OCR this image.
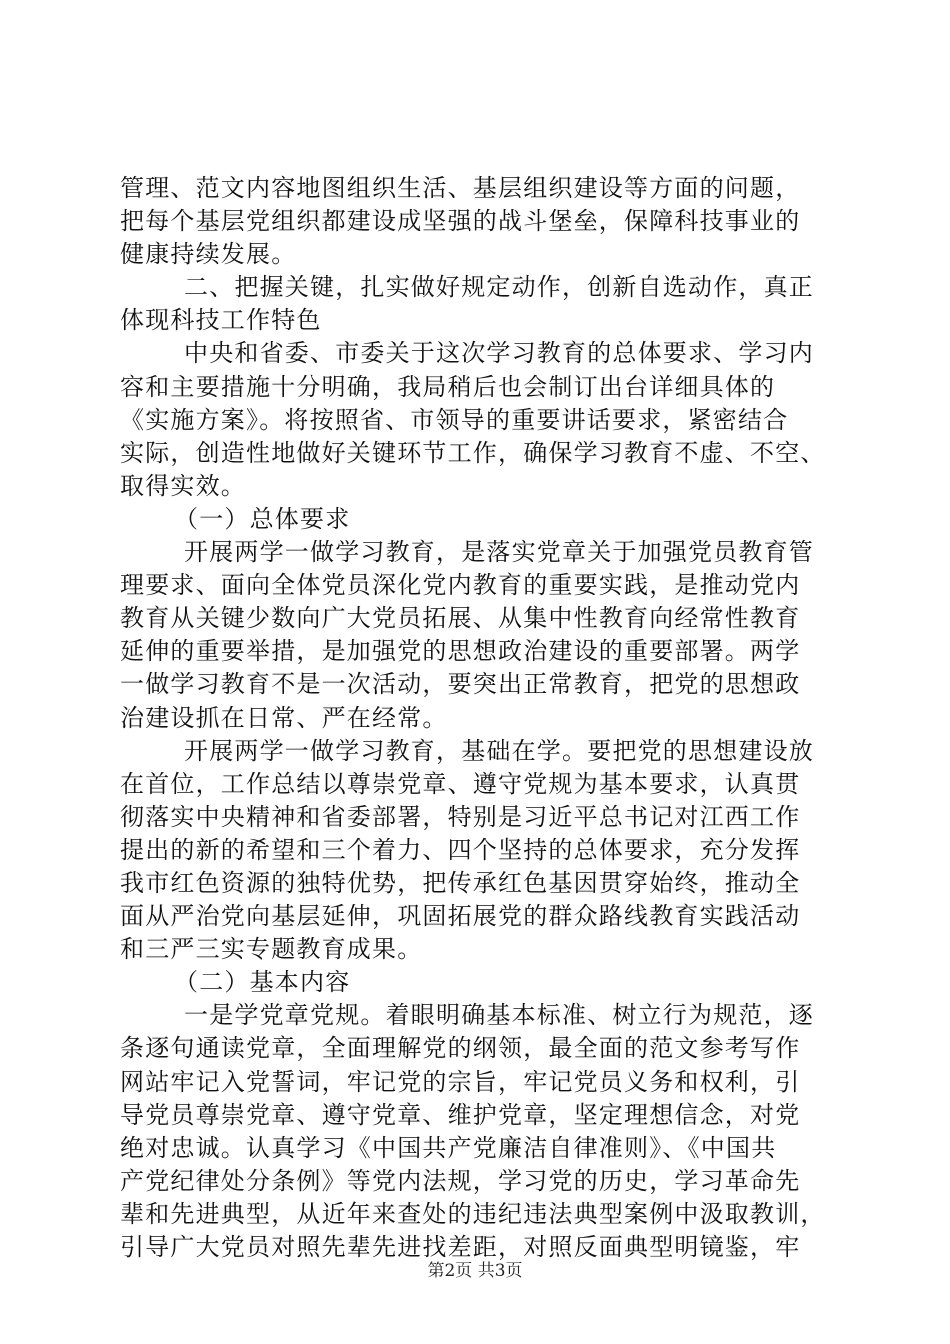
管理、范文内容地图组织生活、基层组织建设等方面的问题，
把每个基层党组织都建设成坚强的战斗堡垒，保障科技事业的
健康持续发展。
二、把握关键，扎实做好规定动作，创新自选动作，真正
体现科技工作特色
中央和省委、市委关于这次学习教育的总体要求、学习内
容和主要措施十分明确，我局稍后也会制订出台详细具体的
《实施方案》。将按照省、市领导的重要讲话要求，紧密结合
实际，创造性地做好关键环节工作，确保学习教育不虚、不空、
取得实效。
（一）总体要求
开展两学一做学习教育，是落实党章关于加强党员教育管
理要求、面向全体党员深化党内教育的重要实践，是推动党内
教育从关键少数向广大党员拓展、从集中性教育向经常性教育
延伸的重要举措，是加强党的思想政治建设的重要部署。两学
一做学习教育不是一次活动，要突出正常教育，把党的思想政
治建设抓在日常、严在经常。
开展两学一做学习教育，基础在学。要把党的思想建设放
在首位，工作总结以尊崇党章、遵守党规为基本要求，认真贯
彻落实中央精神和省委部署，特别是习近平总书记对江西工作
提出的新的希望和三个着力、四个坚持的总体要求，充分发挥
我市红色资源的独特优势，把传承红色基因贯穿始终，推动全
面从严治党向基层延伸，巩固拓展党的群众路线教育实践活动
和三严三实专题教育成果。
（二）基本内容
一是学党章党规。着眼明确基本标准、树立行为规范，逐
条逐句通读党章，全面理解党的纲领，最全面的范文参考写作
网站牢记入党誓词，牢记党的宗旨，牢记党员义务和权利，引
导党员尊崇党章、遵守党章、维护党章，坚定理想信念，对党
绝对忠诚。认真学习《中国共产党廉洁自律准则》、《中国共
产党纪律处分条例》等党内法规，学习党的历史，学习革命先
辈和先进典型，从近年来查处的违纪违法典型案例中汲取教训，
引导广大党员对照先辈先进找差距，对照反面典型明镜鉴，牢
第2页 共3页
